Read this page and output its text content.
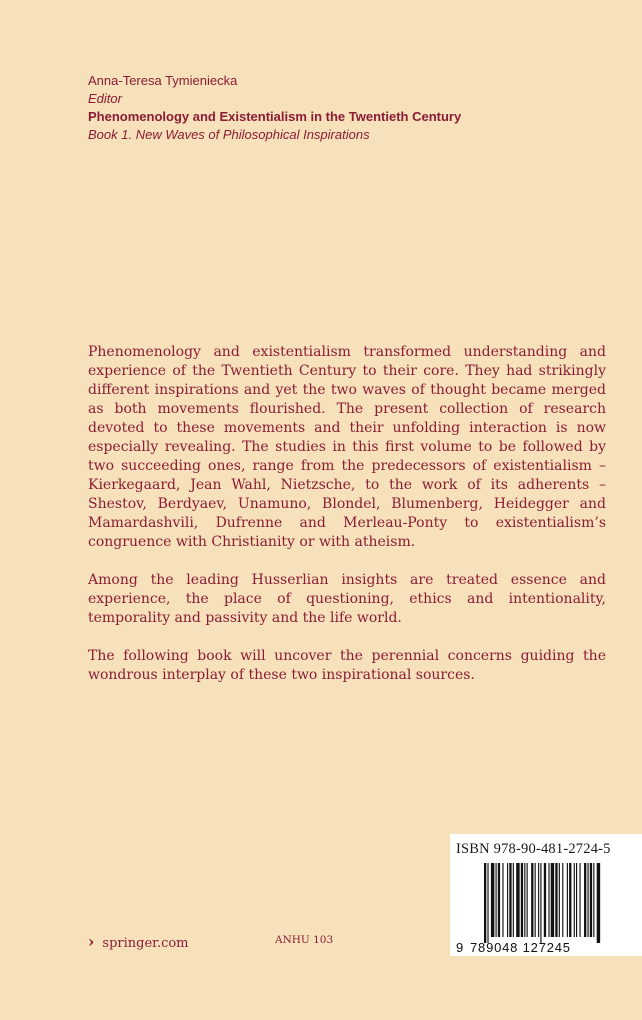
Anna-Teresa Tymieniecka
Editor
Phenomenology and Existentialism in the Twentieth Century
Book 1. New Waves of Philosophical Inspirations

Phenomenology and existentialism transformed understanding and experience of the Twentieth Century to their core. They had strikingly different inspirations and yet the two waves of thought became merged as both movements flourished. The present collection of research devoted to these movements and their unfolding interaction is now especially revealing. The studies in this first volume to be followed by two succeeding ones, range from the predecessors of existentialism – Kierkegaard, Jean Wahl, Nietzsche, to the work of its adherents – Shestov, Berdyaev, Unamuno, Blondel, Blumenberg, Heidegger and Mamardashvili, Dufrenne and Merleau-Ponty to existentialism’s congruence with Christianity or with atheism.

Among the leading Husserlian insights are treated essence and experience, the place of questioning, ethics and intentionality, temporality and passivity and the life world.

The following book will uncover the perennial concerns guiding the wondrous interplay of these two inspirational sources.

ISBN 978-90-481-2724-5
9 789048 127245
› springer.com	ANHU 103
